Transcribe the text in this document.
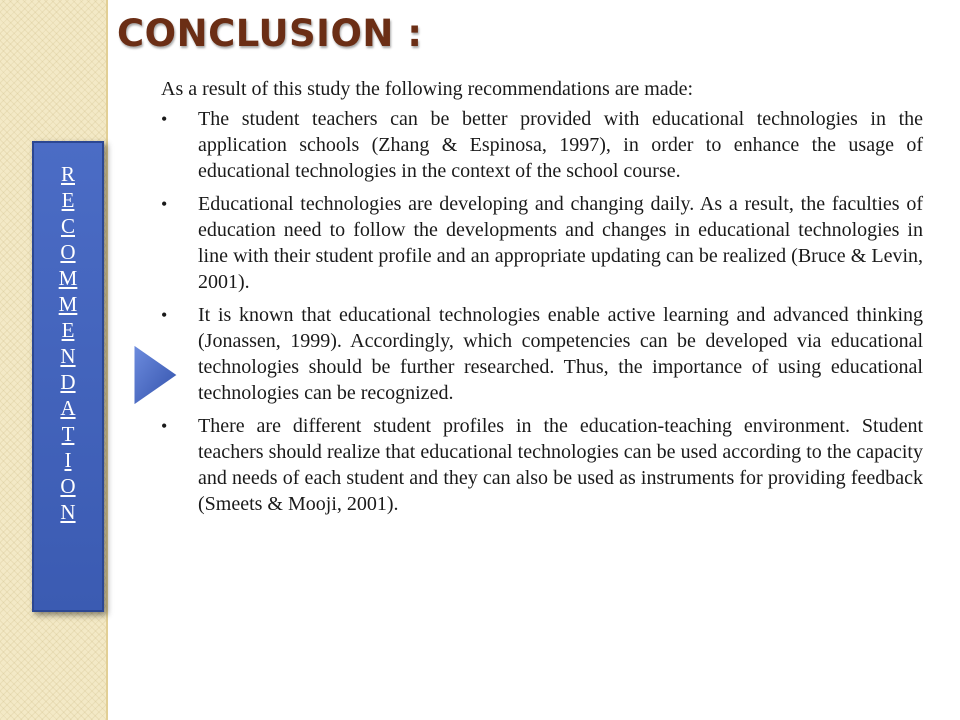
CONCLUSION :
R
E
C
O
M
M
E
N
D
A
T
I
O
N

As a result of this study the following recommendations are made:

• The student teachers can be better provided with educational technologies in the application schools (Zhang & Espinosa, 1997), in order to enhance the usage of educational technologies in the context of the school course.
• Educational technologies are developing and changing daily. As a result, the faculties of education need to follow the developments and changes in educational technologies in line with their student profile and an appropriate updating can be realized (Bruce & Levin, 2001).
• It is known that educational technologies enable active learning and advanced thinking (Jonassen, 1999). Accordingly, which competencies can be developed via educational technologies should be further researched. Thus, the importance of using educational technologies can be recognized.
• There are different student profiles in the education-teaching environment. Student teachers should realize that educational technologies can be used according to the capacity and needs of each student and they can also be used as instruments for providing feedback (Smeets & Mooji, 2001).
